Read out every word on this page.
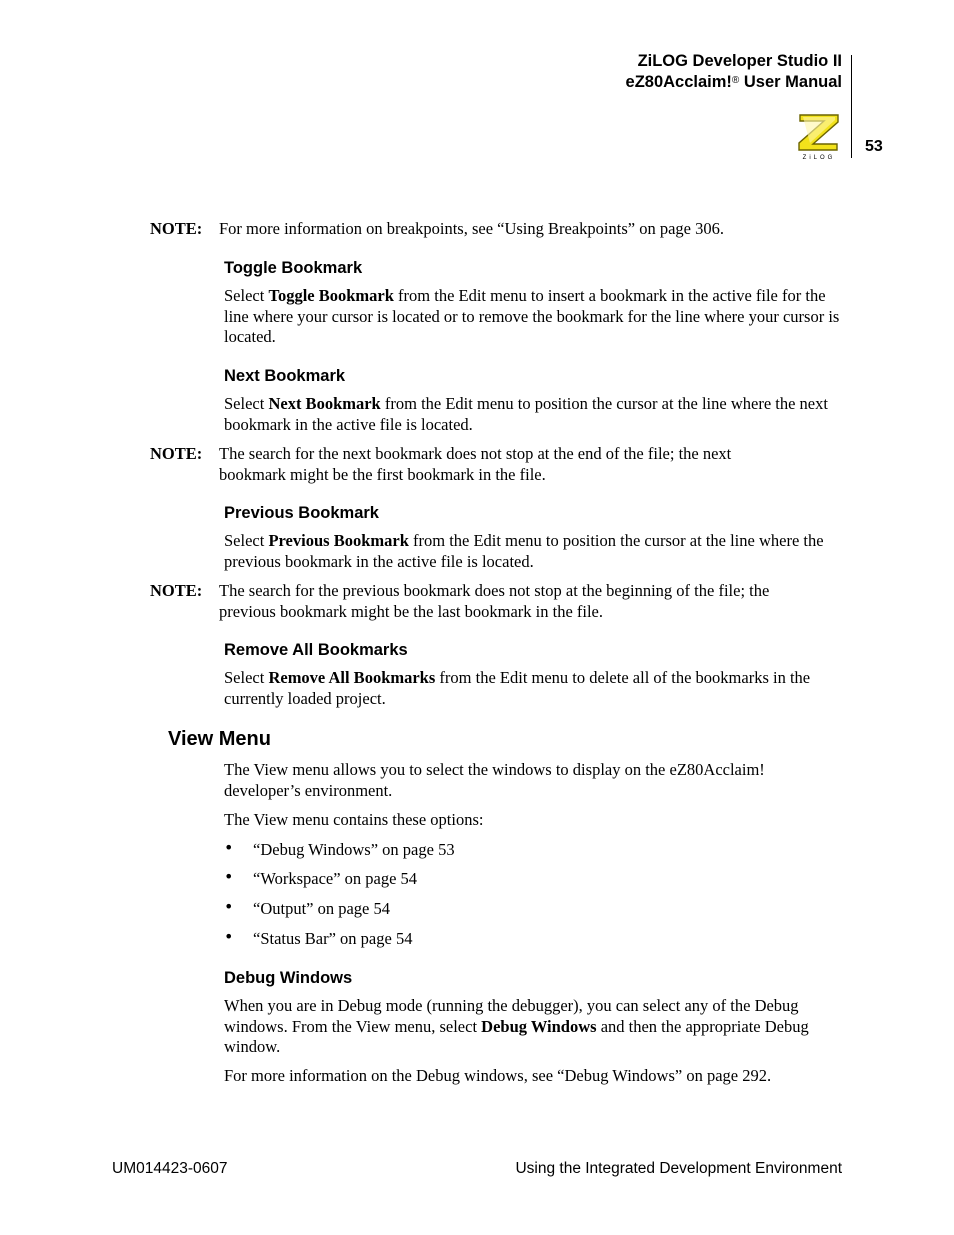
ZiLOG Developer Studio II
eZ80Acclaim!® User Manual
ZiLOG
53
NOTE: For more information on breakpoints, see “Using Breakpoints” on page 306.
Toggle Bookmark
Select Toggle Bookmark from the Edit menu to insert a bookmark in the active file for the line where your cursor is located or to remove the bookmark for the line where your cursor is located.
Next Bookmark
Select Next Bookmark from the Edit menu to position the cursor at the line where the next bookmark in the active file is located.
NOTE: The search for the next bookmark does not stop at the end of the file; the next bookmark might be the first bookmark in the file.
Previous Bookmark
Select Previous Bookmark from the Edit menu to position the cursor at the line where the previous bookmark in the active file is located.
NOTE: The search for the previous bookmark does not stop at the beginning of the file; the previous bookmark might be the last bookmark in the file.
Remove All Bookmarks
Select Remove All Bookmarks from the Edit menu to delete all of the bookmarks in the currently loaded project.
View Menu
The View menu allows you to select the windows to display on the eZ80Acclaim! developer’s environment.
The View menu contains these options:
• “Debug Windows” on page 53
• “Workspace” on page 54
• “Output” on page 54
• “Status Bar” on page 54
Debug Windows
When you are in Debug mode (running the debugger), you can select any of the Debug windows. From the View menu, select Debug Windows and then the appropriate Debug window.
For more information on the Debug windows, see “Debug Windows” on page 292.
UM014423-0607	Using the Integrated Development Environment
